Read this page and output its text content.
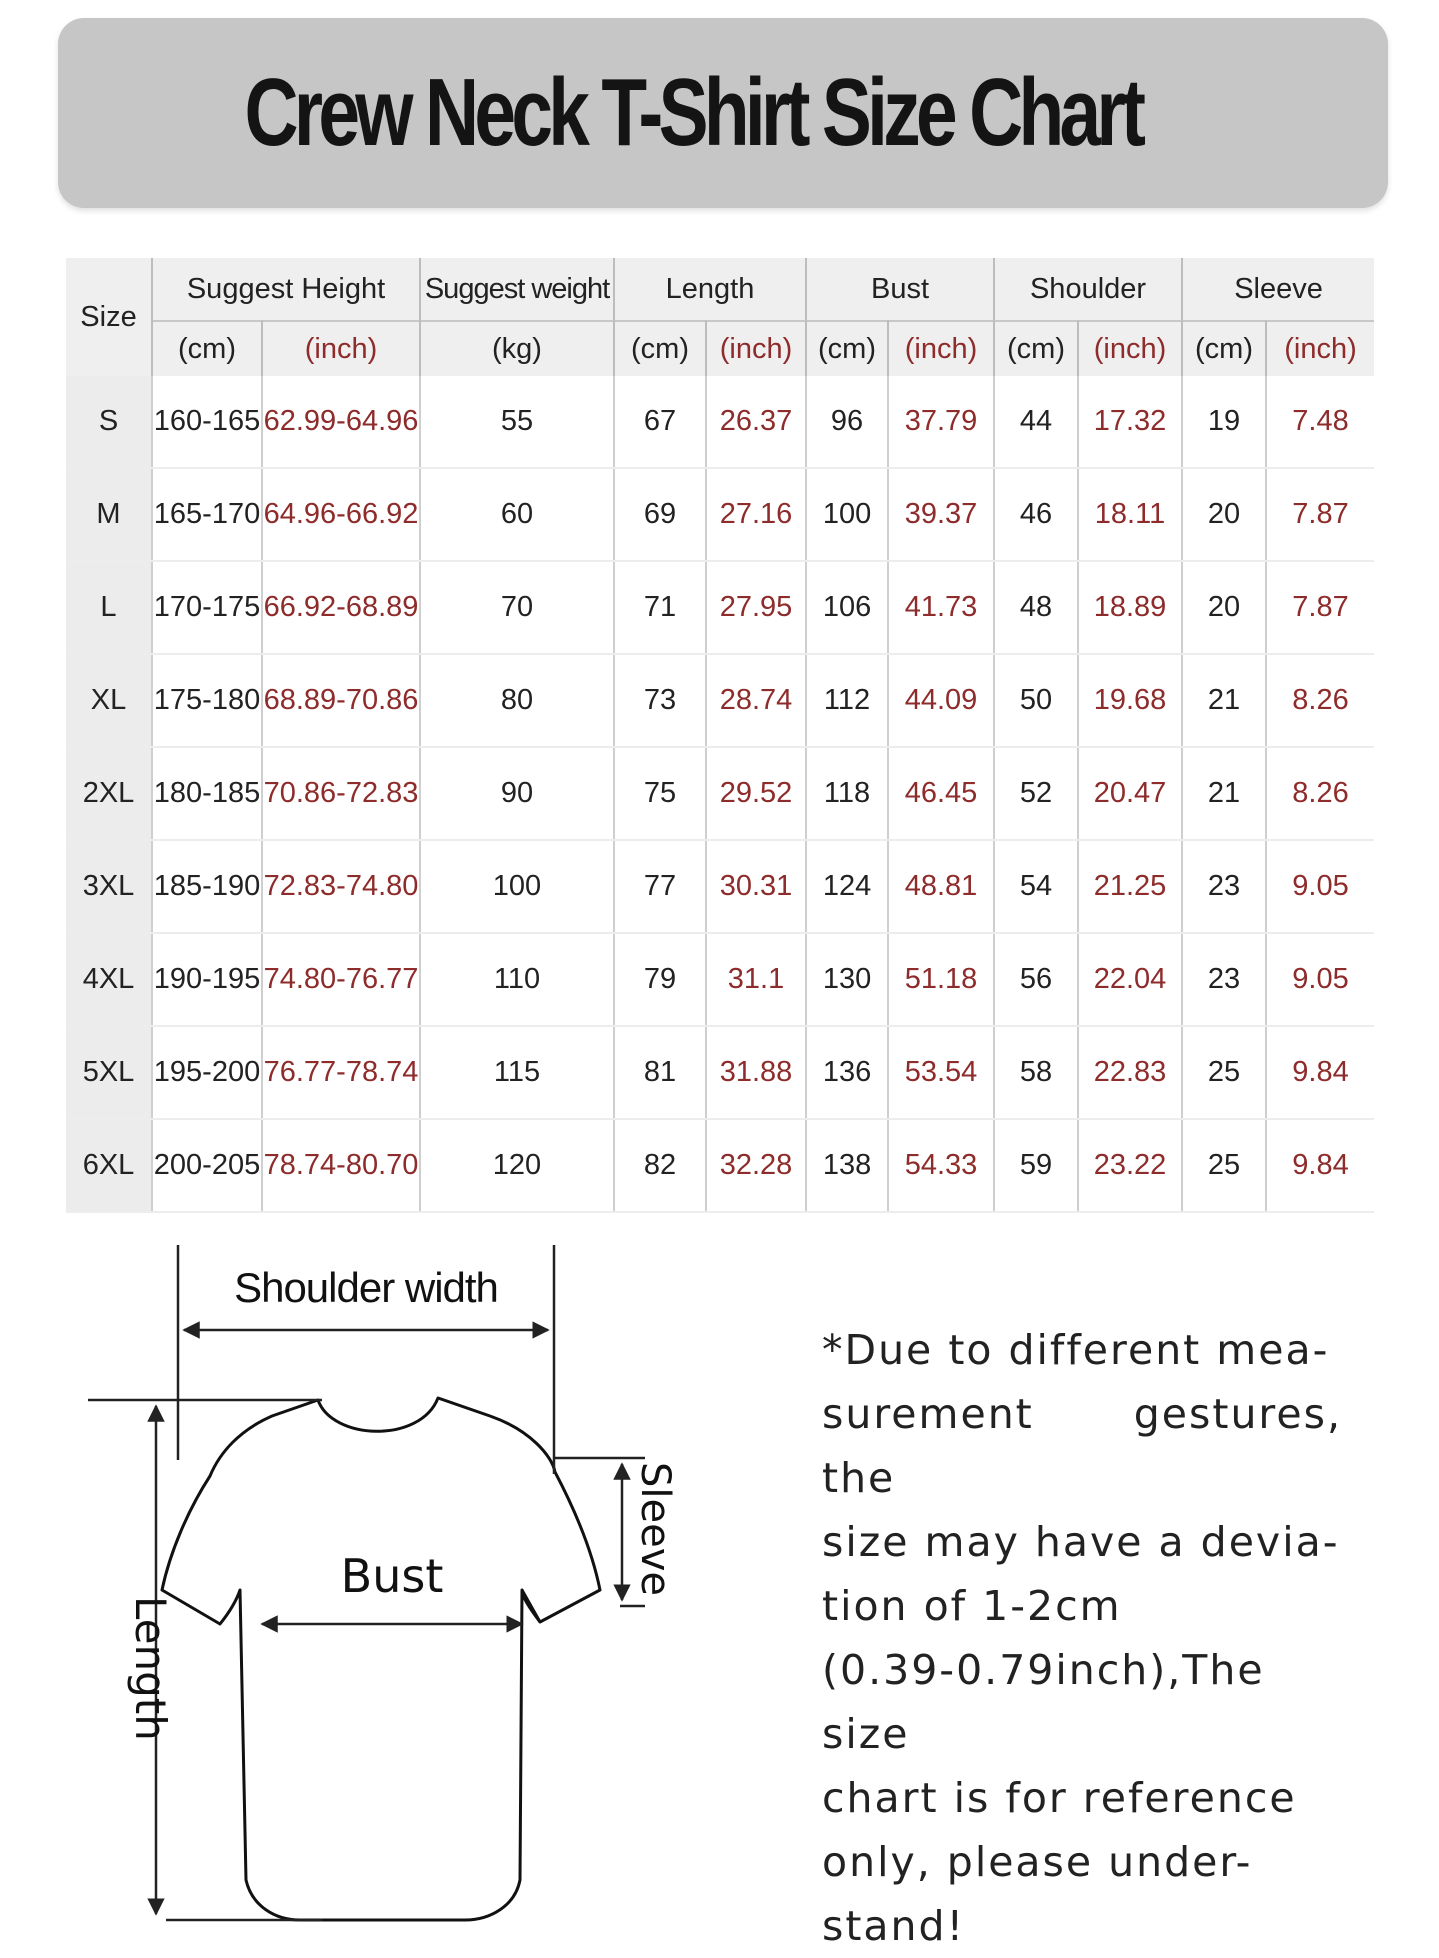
Crew Neck T-Shirt Size Chart
Size	Suggest Height		Suggest weight	Length		Bust		Shoulder		Sleeve	
	(cm)	(inch)	(kg)	(cm)	(inch)	(cm)	(inch)	(cm)	(inch)	(cm)	(inch)
S	160-165	62.99-64.96	55	67	26.37	96	37.79	44	17.32	19	7.48
M	165-170	64.96-66.92	60	69	27.16	100	39.37	46	18.11	20	7.87
L	170-175	66.92-68.89	70	71	27.95	106	41.73	48	18.89	20	7.87
XL	175-180	68.89-70.86	80	73	28.74	112	44.09	50	19.68	21	8.26
2XL	180-185	70.86-72.83	90	75	29.52	118	46.45	52	20.47	21	8.26
3XL	185-190	72.83-74.80	100	77	30.31	124	48.81	54	21.25	23	9.05
4XL	190-195	74.80-76.77	110	79	31.1	130	51.18	56	22.04	23	9.05
5XL	195-200	76.77-78.74	115	81	31.88	136	53.54	58	22.83	25	9.84
6XL	200-205	78.74-80.70	120	82	32.28	138	54.33	59	23.22	25	9.84
Shoulder width
Length
Bust	Sleeve
*Due to different mea-
surement gestures, the
size may have a devia-
tion of 1-2cm
(0.39-0.79inch),The size
chart is for reference
only, please under-
stand!
